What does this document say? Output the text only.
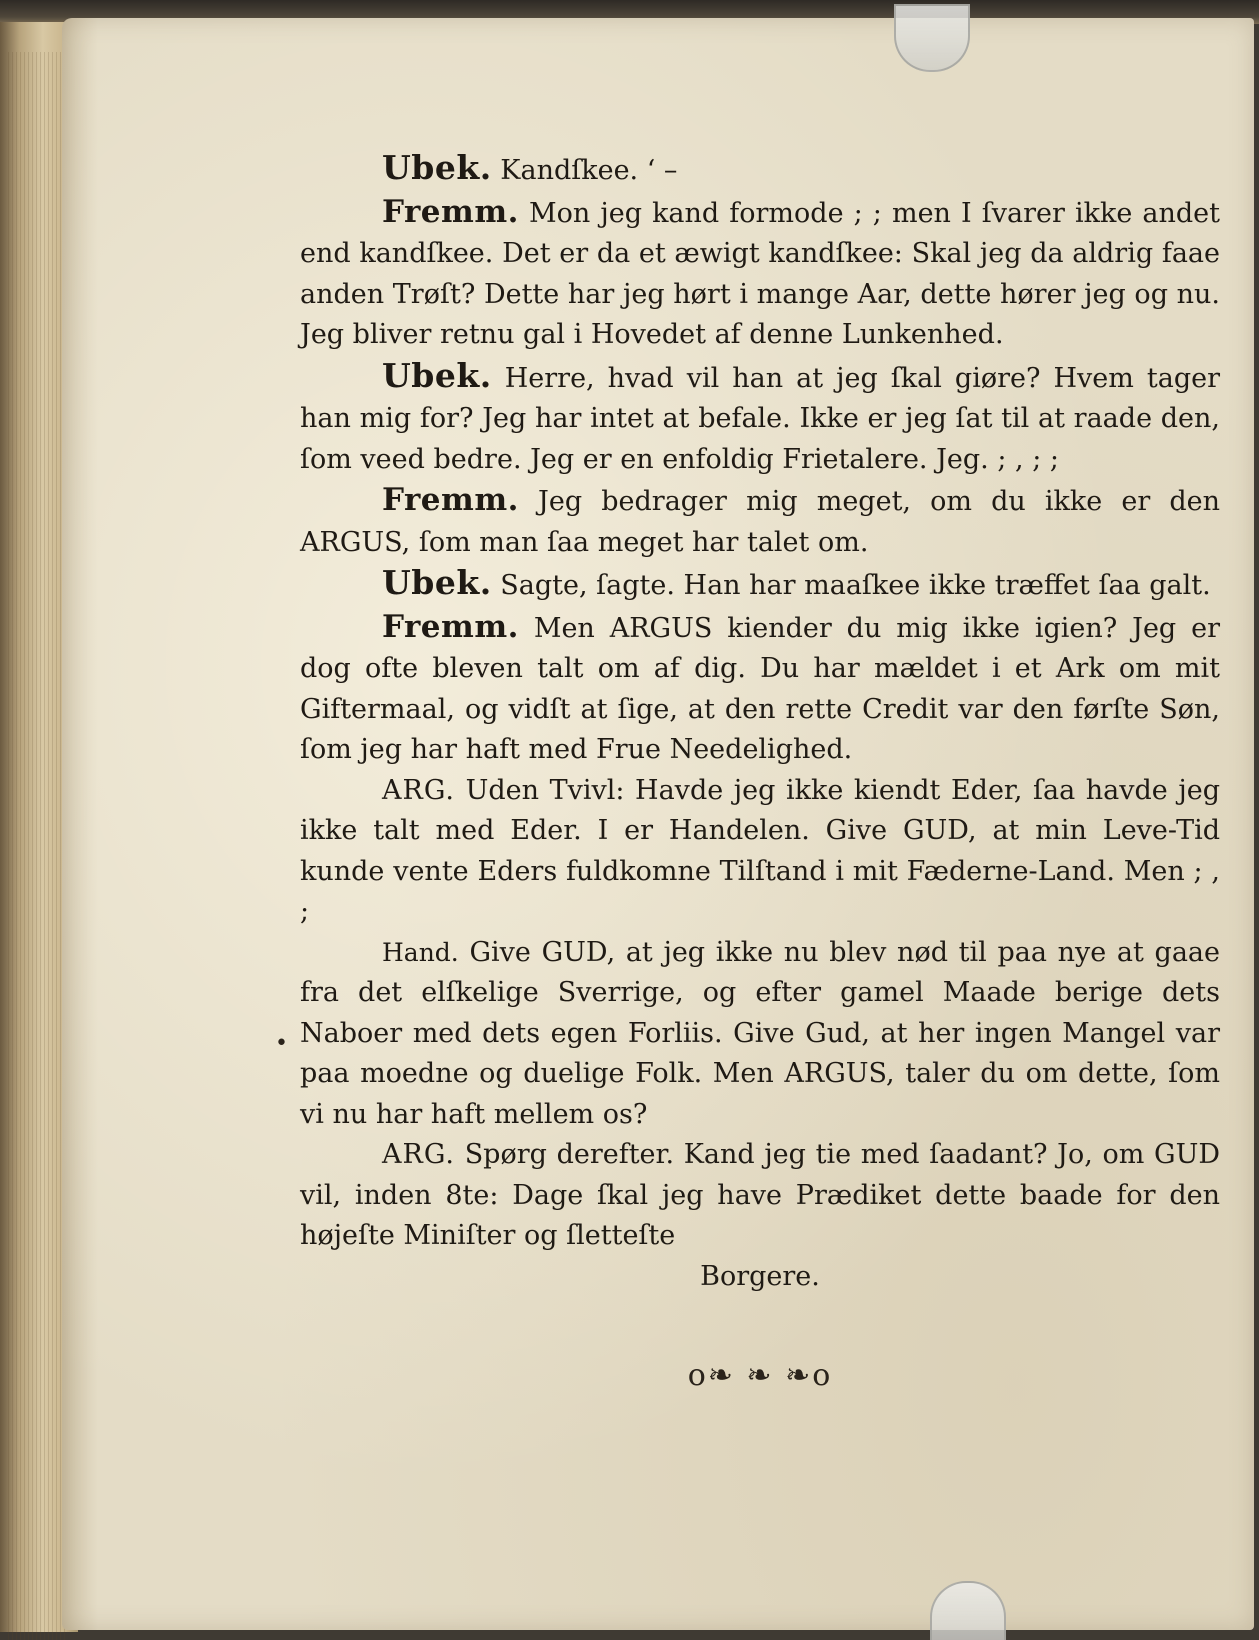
•

Ubek. Kandſkee. ‘ –

Fremm. Mon jeg kand formode ; ; men I ſvarer ikke andet end kandſkee. Det er da et æwigt kandſkee: Skal jeg da aldrig faae anden Trøſt? Dette har jeg hørt i mange Aar, dette hører jeg og nu. Jeg bliver retnu gal i Hovedet af denne Lunkenhed.

Ubek. Herre, hvad vil han at jeg ſkal giøre? Hvem tager han mig for? Jeg har intet at befale. Ikke er jeg ſat til at raade den, ſom veed bedre. Jeg er en enfoldig Frietalere. Jeg. ; , ; ;

Fremm. Jeg bedrager mig meget, om du ikke er den ARGUS, ſom man ſaa meget har talet om.

Ubek. Sagte, ſagte. Han har maaſkee ikke træffet ſaa galt.

Fremm. Men ARGUS kiender du mig ikke igien? Jeg er dog ofte bleven talt om af dig. Du har mældet i et Ark om mit Giftermaal, og vidſt at ſige, at den rette Credit var den førſte Søn, ſom jeg har haft med Frue Needelighed.

ARG. Uden Tvivl: Havde jeg ikke kiendt Eder, ſaa havde jeg ikke talt med Eder. I er Handelen. Give GUD, at min Leve-Tid kunde vente Eders fuldkomne Tilſtand i mit Fæderne-Land. Men ; , ;

Hand. Give GUD, at jeg ikke nu blev nød til paa nye at gaae fra det elſkelige Sverrige, og efter gamel Maade berige dets Naboer med dets egen Forliis. Give Gud, at her ingen Mangel var paa moedne og duelige Folk. Men ARGUS, taler du om dette, ſom vi nu har haft mellem os?

ARG. Spørg derefter. Kand jeg tie med ſaadant? Jo, om GUD vil, inden 8te: Dage ſkal jeg have Prædiket dette baade for den højeſte Miniſter og ſletteſte

Borgere.

o❧ ❧ ❧o
